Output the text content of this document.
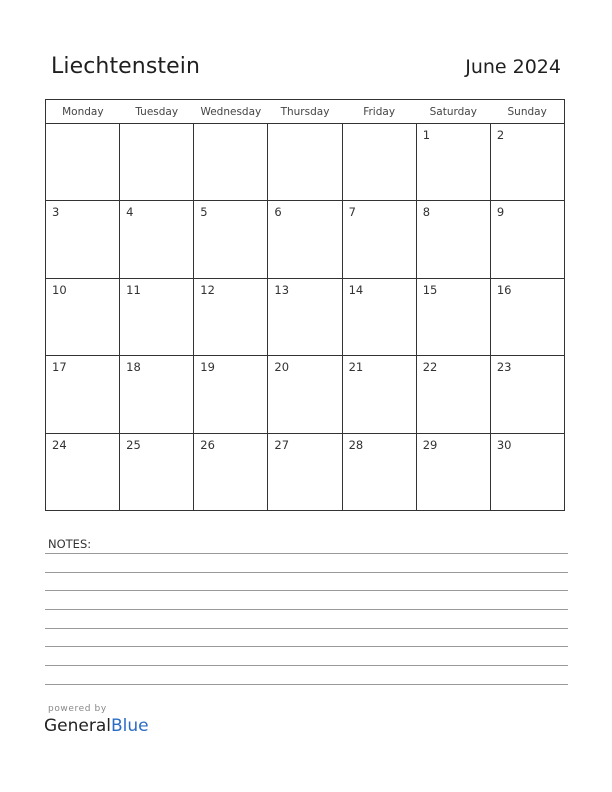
Liechtenstein	June 2024
Monday	Tuesday	Wednesday	Thursday	Friday	Saturday	Sunday

					1	2

3	4	5	6	7	8	9

10	11	12	13	14	15	16

17	18	19	20	21	22	23

24	25	26	27	28	29	30
NOTES:
powered by
GeneralBlue
